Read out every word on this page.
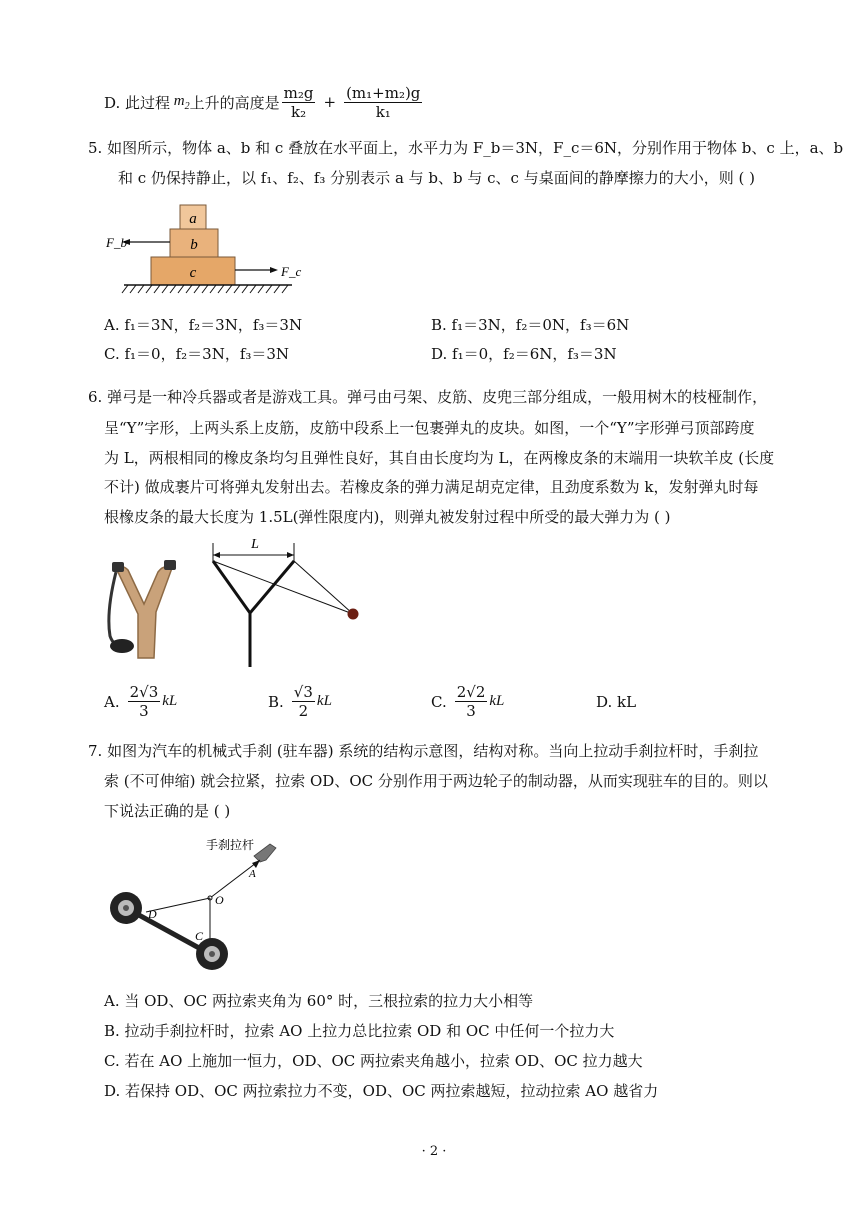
D. 此过程 $m_2$ 上升的高度是 $\frac{\text{m₂g}}{\text{k₂}} + \frac{\text{(m₁+m₂)g}}{\text{k₁}}$
5. 如图所示，物体 a、b 和 c 叠放在水平面上，水平力为 F_b＝3N，F_c＝6N，分别作用于物体 b、c 上，a、b
和 c 仍保持静止，以 f₁、f₂、f₃ 分别表示 a 与 b、b 与 c、c 与桌面间的静摩擦力的大小，则 ( )
a
b
c
F_b
F_c
A. f₁＝3N，f₂＝3N，f₃＝3N	B. f₁＝3N，f₂＝0N，f₃＝6N
C. f₁＝0，f₂＝3N，f₃＝3N	D. f₁＝0，f₂＝6N，f₃＝3N
6. 弹弓是一种冷兵器或者是游戏工具。弹弓由弓架、皮筋、皮兜三部分组成，一般用树木的枝桠制作，
呈“Y”字形，上两头系上皮筋，皮筋中段系上一包裹弹丸的皮块。如图，一个“Y”字形弹弓顶部跨度
为 L，两根相同的橡皮条均匀且弹性良好，其自由长度均为 L，在两橡皮条的末端用一块软羊皮 (长度
不计) 做成裹片可将弹丸发射出去。若橡皮条的弹力满足胡克定律，且劲度系数为 k，发射弹丸时每
根橡皮条的最大长度为 1.5L(弹性限度内)，则弹丸被发射过程中所受的最大弹力为 ( )
L
A. $\frac{2√3}{3}$ kL	B. $\frac{√3}{2}$ kL	C. $\frac{2√2}{3}$ kL	D. kL
7. 如图为汽车的机械式手刹 (驻车器) 系统的结构示意图，结构对称。当向上拉动手刹拉杆时，手刹拉
索 (不可伸缩) 就会拉紧，拉索 OD、OC 分别作用于两边轮子的制动器，从而实现驻车的目的。则以
下说法正确的是 ( )
手刹拉杆
A
O
D
C
A. 当 OD、OC 两拉索夹角为 60° 时，三根拉索的拉力大小相等
B. 拉动手刹拉杆时，拉索 AO 上拉力总比拉索 OD 和 OC 中任何一个拉力大
C. 若在 AO 上施加一恒力，OD、OC 两拉索夹角越小，拉索 OD、OC 拉力越大
D. 若保持 OD、OC 两拉索拉力不变，OD、OC 两拉索越短，拉动拉索 AO 越省力
· 2 ·
